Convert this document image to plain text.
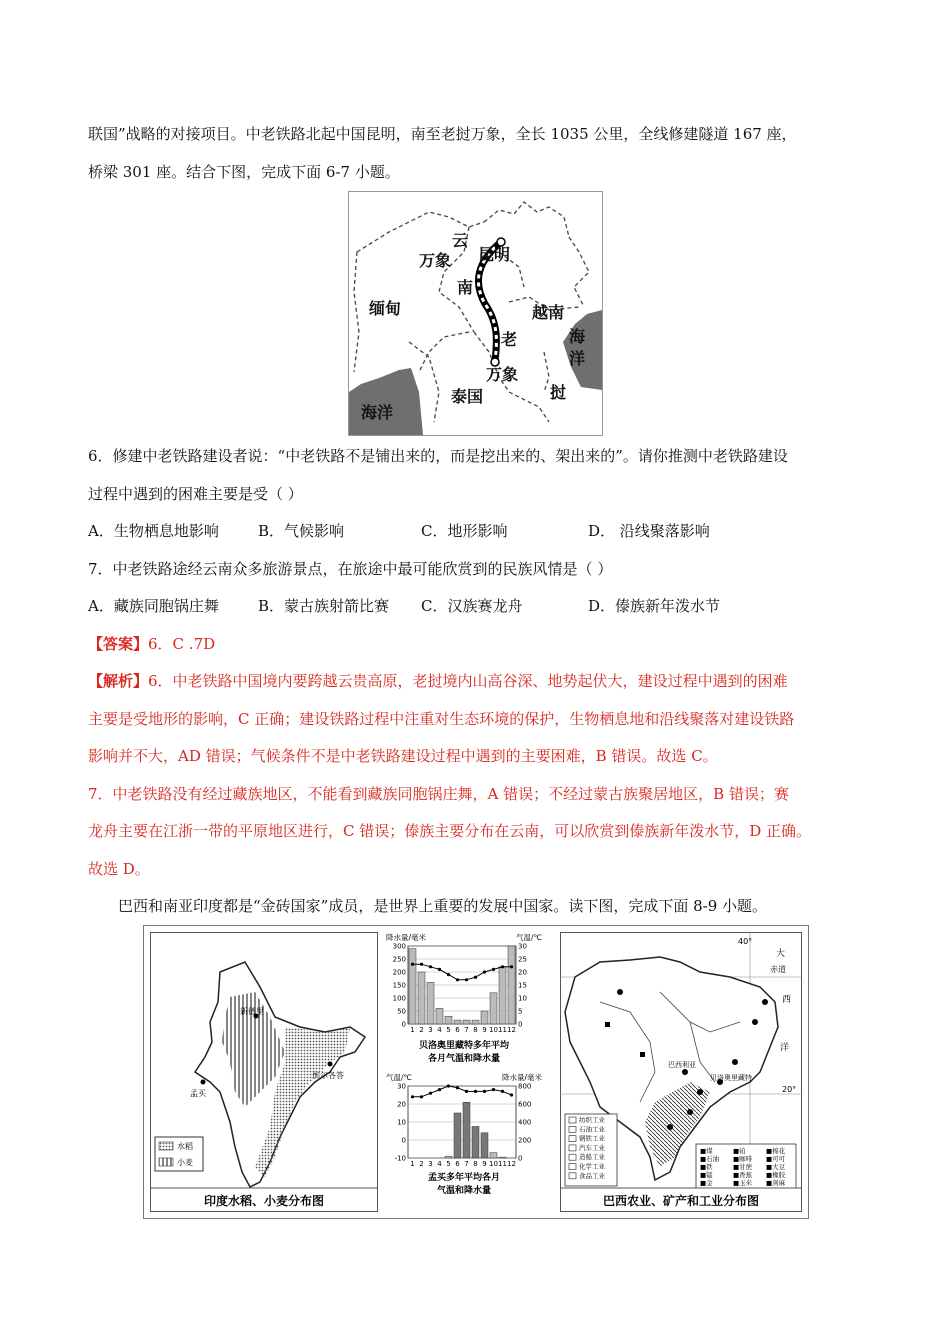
联国”战略的对接项目。中老铁路北起中国昆明，南至老挝万象，全长 1035 公里，全线修建隧道 167 座，
桥梁 301 座。结合下图，完成下面 6-7 小题。
云
昆明
万象
南
缅甸	越南
老
万象
泰国	挝
海洋
海
洋
6．修建中老铁路建设者说：“中老铁路不是铺出来的，而是挖出来的、架出来的”。请你推测中老铁路建设
过程中遇到的困难主要是受（ ）
A．生物栖息地影响	B．气候影响	C．地形影响	D． 沿线聚落影响
7．中老铁路途经云南众多旅游景点，在旅途中最可能欣赏到的民族风情是（ ）
A．藏族同胞锅庄舞	B．蒙古族射箭比赛 C．汉族赛龙舟	D．傣族新年泼水节
【答案】6．C .7D
【解析】6．中老铁路中国境内要跨越云贵高原，老挝境内山高谷深、地势起伏大，建设过程中遇到的困难
主要是受地形的影响，C 正确；建设铁路过程中注重对生态环境的保护，生物栖息地和沿线聚落对建设铁路
影响并不大，AD 错误；气候条件不是中老铁路建设过程中遇到的主要困难，B 错误。故选 C。
7．中老铁路没有经过藏族地区，不能看到藏族同胞锅庄舞，A 错误；不经过蒙古族聚居地区，B 错误；赛
龙舟主要在江浙一带的平原地区进行，C 错误；傣族主要分布在云南，可以欣赏到傣族新年泼水节，D 正确。
故选 D。
巴西和南亚印度都是“金砖国家”成员，是世界上重要的发展中国家。读下图，完成下面 8-9 小题。
新德里
孟买
加尔各答
水稻
小麦
印度水稻、小麦分布图
降水量/毫米	气温/℃
300
250
200
150
100
50
0
30
25
20
15
10
5
0
1 2 3 4 5 6 7 8 9 10 11 12
贝洛奥里藏特多年平均
各月气温和降水量
气温/℃	降水量/毫米
30
20
10
0
-10
800
600
400
200
0
1 2 3 4 5 6 7 8 9 10 11 12
孟买多年平均各月
气温和降水量
40°
大
赤道
西
洋
20°
巴西利亚
贝洛奥里藏特
纺织工业
石油工业
钢铁工业
汽车工业
造船工业
化学工业
食品工业
■煤
■石油
■铁
■锰
■金
■铂
■咖啡
■甘蔗
■香蕉
■玉米
■棉花
■可可
■大豆
■橡胶
■剑麻
巴西农业、矿产和工业分布图
